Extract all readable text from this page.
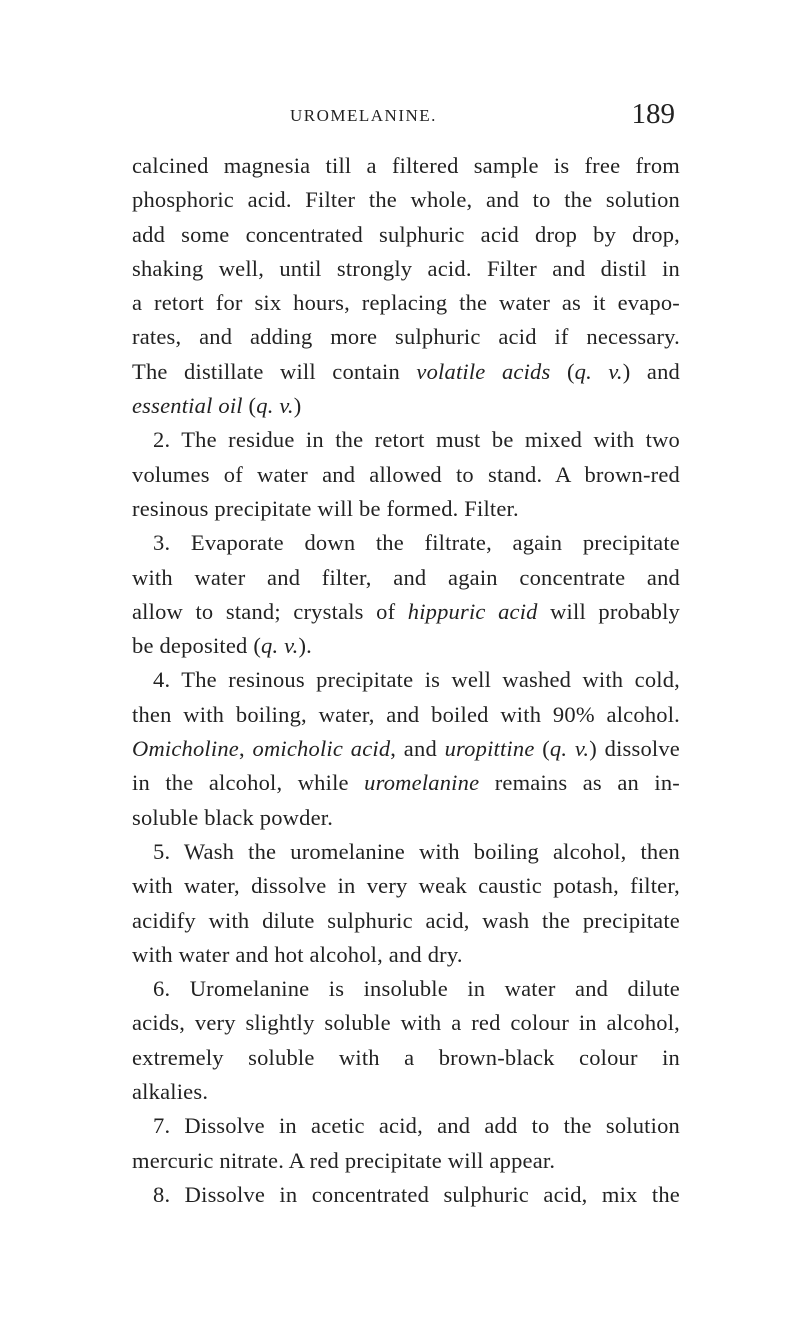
UROMELANINE.	189
calcined magnesia till a filtered sample is free from
phosphoric acid. Filter the whole, and to the solution
add some concentrated sulphuric acid drop by drop,
shaking well, until strongly acid. Filter and distil in
a retort for six hours, replacing the water as it evapo-
rates, and adding more sulphuric acid if necessary.
The distillate will contain volatile acids (q. v.) and
essential oil (q. v.)
2. The residue in the retort must be mixed with two
volumes of water and allowed to stand. A brown-red
resinous precipitate will be formed. Filter.
3. Evaporate down the filtrate, again precipitate
with water and filter, and again concentrate and
allow to stand; crystals of hippuric acid will probably
be deposited (q. v.).
4. The resinous precipitate is well washed with cold,
then with boiling, water, and boiled with 90% alcohol.
Omicholine, omicholic acid, and uropittine (q. v.) dissolve
in the alcohol, while uromelanine remains as an in-
soluble black powder.
5. Wash the uromelanine with boiling alcohol, then
with water, dissolve in very weak caustic potash, filter,
acidify with dilute sulphuric acid, wash the precipitate
with water and hot alcohol, and dry.
6. Uromelanine is insoluble in water and dilute
acids, very slightly soluble with a red colour in alcohol,
extremely soluble with a brown-black colour in
alkalies.
7. Dissolve in acetic acid, and add to the solution
mercuric nitrate. A red precipitate will appear.
8. Dissolve in concentrated sulphuric acid, mix the
